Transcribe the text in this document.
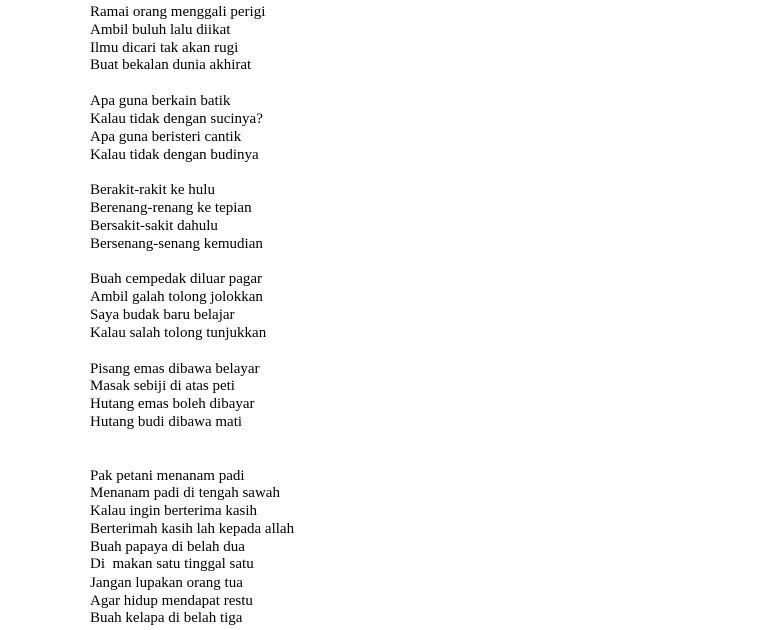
Ramai orang menggali perigi

Ambil buluh lalu diikat

Ilmu dicari tak akan rugi

Buat bekalan dunia akhirat

Apa guna berkain batik

Kalau tidak dengan sucinya?

Apa guna beristeri cantik

Kalau tidak dengan budinya

Berakit-rakit ke hulu

Berenang-renang ke tepian

Bersakit-sakit dahulu

Bersenang-senang kemudian

Buah cempedak diluar pagar

Ambil galah tolong jolokkan

Saya budak baru belajar

Kalau salah tolong tunjukkan

Pisang emas dibawa belayar

Masak sebiji di atas peti

Hutang emas boleh dibayar

Hutang budi dibawa mati

Pak petani menanam padi

Menanam padi di tengah sawah

Kalau ingin berterima kasih

Berterimah kasih lah kepada allah

Buah papaya di belah dua

Di  makan satu tinggal satu

Jangan lupakan orang tua

Agar hidup mendapat restu

Buah kelapa di belah tiga
